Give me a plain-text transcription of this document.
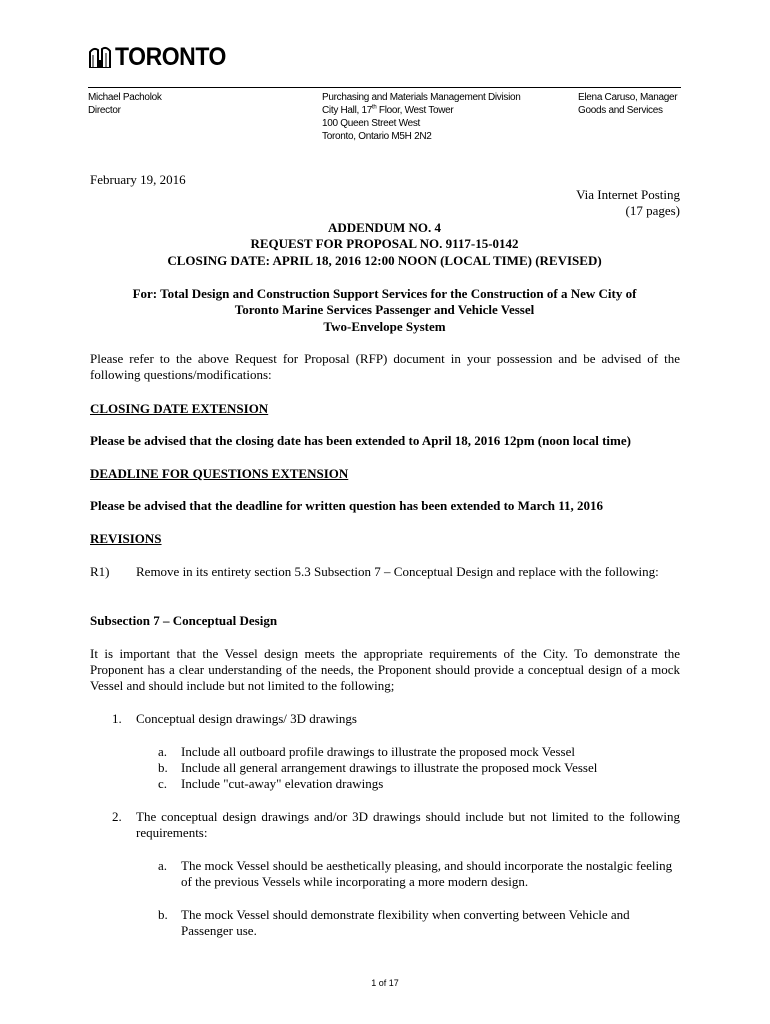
TORONTO
Michael Pacholok
Director
Purchasing and Materials Management Division
City Hall, 17th Floor, West Tower
100 Queen Street West
Toronto, Ontario M5H 2N2
Elena Caruso, Manager
Goods and Services
February 19, 2016
Via Internet Posting
(17 pages)
ADDENDUM NO. 4
REQUEST FOR PROPOSAL NO. 9117-15-0142
CLOSING DATE: APRIL 18, 2016 12:00 NOON (LOCAL TIME) (REVISED)
For: Total Design and Construction Support Services for the Construction of a New City of
Toronto Marine Services Passenger and Vehicle Vessel
Two-Envelope System
Please refer to the above Request for Proposal (RFP) document in your possession and be advised of the following questions/modifications:
CLOSING DATE EXTENSION
Please be advised that the closing date has been extended to April 18, 2016 12pm (noon local time)
DEADLINE FOR QUESTIONS EXTENSION
Please be advised that the deadline for written question has been extended to March 11, 2016
REVISIONS
R1) Remove in its entirety section 5.3 Subsection 7 – Conceptual Design and replace with the following:
Subsection 7 – Conceptual Design
It is important that the Vessel design meets the appropriate requirements of the City. To demonstrate the Proponent has a clear understanding of the needs, the Proponent should provide a conceptual design of a mock Vessel and should include but not limited to the following;
1. Conceptual design drawings/ 3D drawings
a. Include all outboard profile drawings to illustrate the proposed mock Vessel
b. Include all general arrangement drawings to illustrate the proposed mock Vessel
c. Include "cut-away" elevation drawings
2. The conceptual design drawings and/or 3D drawings should include but not limited to the following requirements:
a. The mock Vessel should be aesthetically pleasing, and should incorporate the nostalgic feeling of the previous Vessels while incorporating a more modern design.
b. The mock Vessel should demonstrate flexibility when converting between Vehicle and Passenger use.
1 of 17
